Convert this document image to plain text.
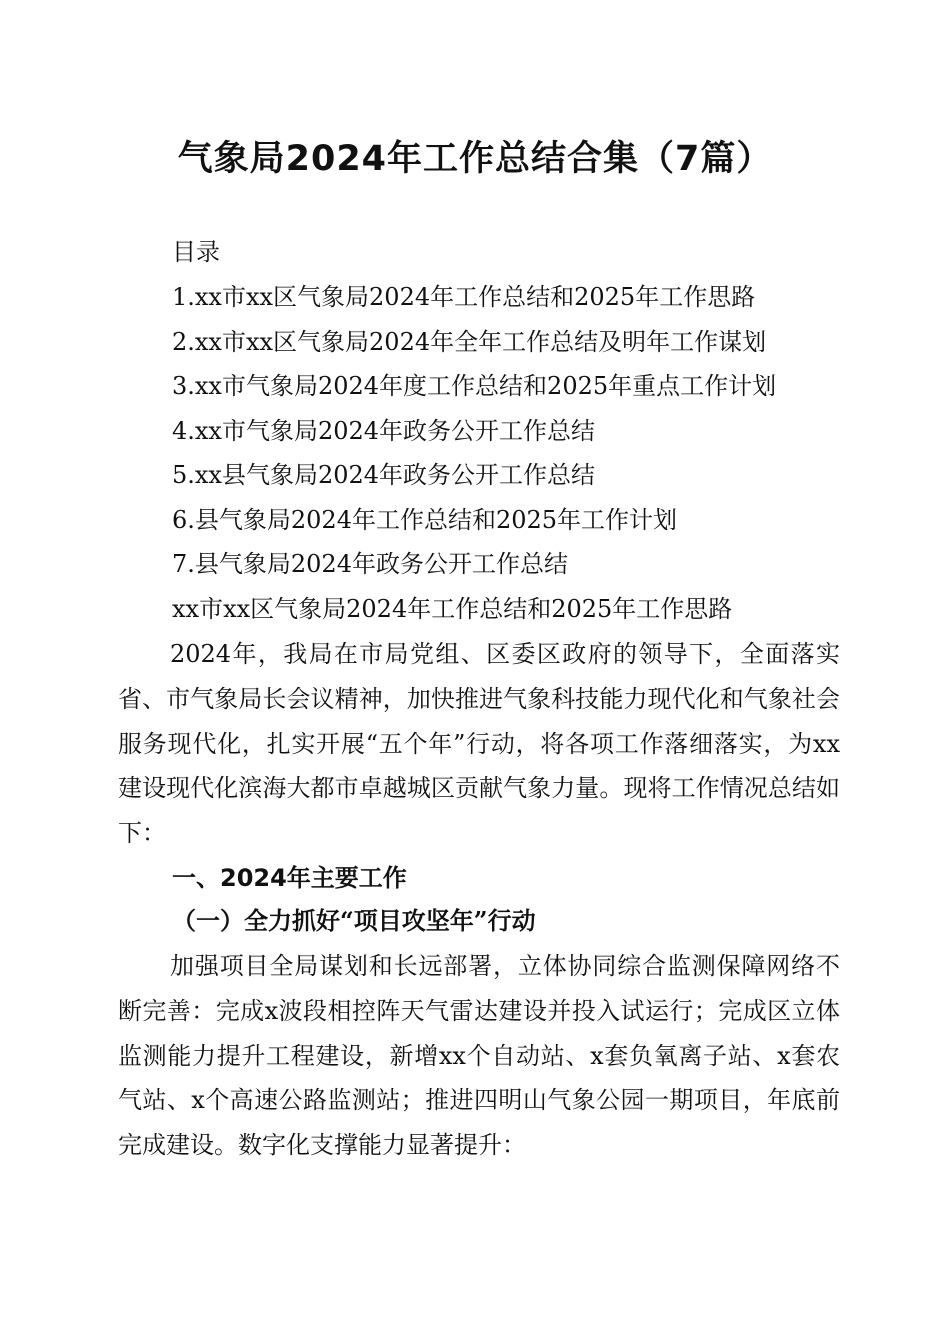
气象局2024年工作总结合集（7篇）
目录
1.xx市xx区气象局2024年工作总结和2025年工作思路
2.xx市xx区气象局2024年全年工作总结及明年工作谋划
3.xx市气象局2024年度工作总结和2025年重点工作计划
4.xx市气象局2024年政务公开工作总结
5.xx县气象局2024年政务公开工作总结
6.县气象局2024年工作总结和2025年工作计划
7.县气象局2024年政务公开工作总结
xx市xx区气象局2024年工作总结和2025年工作思路
2024年，我局在市局党组、区委区政府的领导下，全面落实省、市气象局长会议精神，加快推进气象科技能力现代化和气象社会服务现代化，扎实开展“五个年”行动，将各项工作落细落实，为xx建设现代化滨海大都市卓越城区贡献气象力量。现将工作情况总结如下：
一、2024年主要工作
（一）全力抓好“项目攻坚年”行动
加强项目全局谋划和长远部署，立体协同综合监测保障网络不断完善：完成x波段相控阵天气雷达建设并投入试运行；完成区立体监测能力提升工程建设，新增xx个自动站、x套负氧离子站、x套农气站、x个高速公路监测站；推进四明山气象公园一期项目，年底前完成建设。数字化支撑能力显著提升：
